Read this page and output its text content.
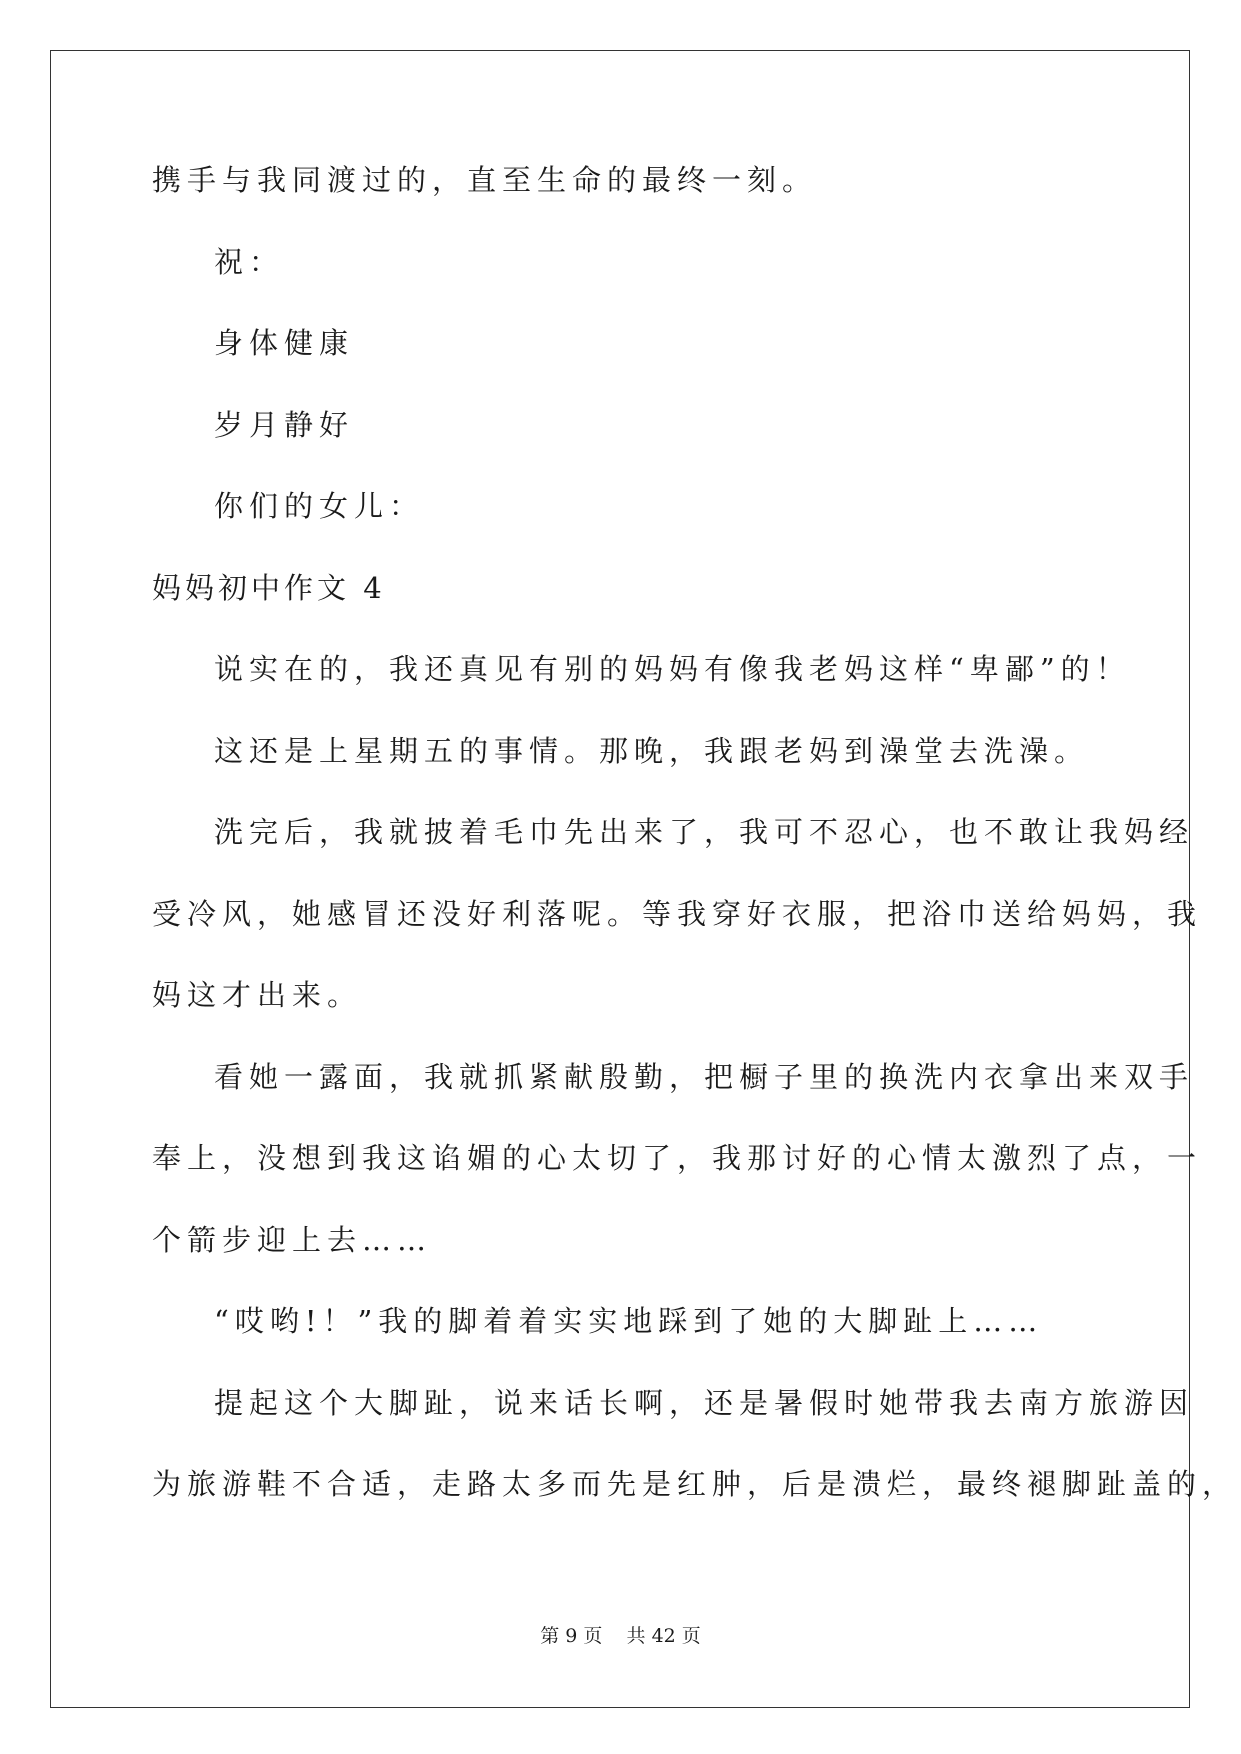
携手与我同渡过的，直至生命的最终一刻。

祝：

身体健康

岁月静好

你们的女儿：

妈妈初中作文 4

说实在的，我还真见有别的妈妈有像我老妈这样“卑鄙”的！

这还是上星期五的事情。那晚，我跟老妈到澡堂去洗澡。

洗完后，我就披着毛巾先出来了，我可不忍心，也不敢让我妈经

受冷风，她感冒还没好利落呢。等我穿好衣服，把浴巾送给妈妈，我

妈这才出来。

看她一露面，我就抓紧献殷勤，把橱子里的换洗内衣拿出来双手

奉上，没想到我这谄媚的心太切了，我那讨好的心情太激烈了点，一

个箭步迎上去……

“哎哟!！”我的脚着着实实地踩到了她的大脚趾上……

提起这个大脚趾，说来话长啊，还是暑假时她带我去南方旅游因

为旅游鞋不合适，走路太多而先是红肿，后是溃烂，最终褪脚趾盖的，

第 9 页 共 42 页
